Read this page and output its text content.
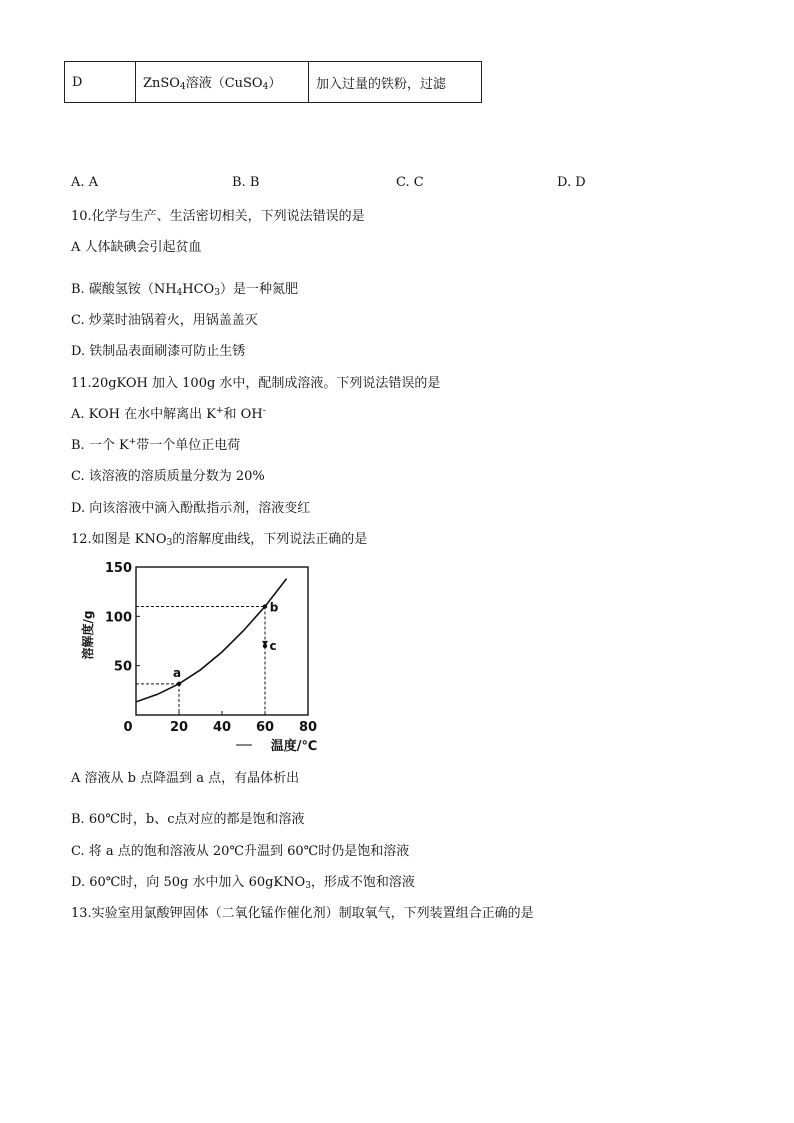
D	ZnSO$_4$溶液（CuSO$_4$）	加入过量的铁粉，过滤
A. A	B. B	C. C	D. D
10.化学与生产、生活密切相关，下列说法错误的是
A 人体缺碘会引起贫血
B. 碳酸氢铵$(NH_4HCO_3)$是一种氮肥
C. 炒菜时油锅着火，用锅盖盖灭
D. 铁制品表面刷漆可防止生锈
11.20gKOH 加入 100g 水中，配制成溶液。下列说法错误的是
A. KOH 在水中解离出 K+和 OH-
B. 一个 K+带一个单位正电荷
C. 该溶液的溶质质量分数为 20%
D. 向该溶液中滴入酚酞指示剂，溶液变红
12.如图是 $KNO_3$的溶解度曲线，下列说法正确的是
0	20 40 60 80
50
100
150
溶解度/g
温度/℃
a
b
c
A 溶液从 b 点降温到 a 点，有晶体析出
B. 60℃时，b、c点对应的都是饱和溶液
C. 将 a 点的饱和溶液从 20℃升温到 60℃时仍是饱和溶液
D. 60℃时，向 50g 水中加入 60gKNO$_3$，形成不饱和溶液
13.实验室用氯酸钾固体（二氧化锰作催化剂）制取氧气，下列装置组合正确的是
